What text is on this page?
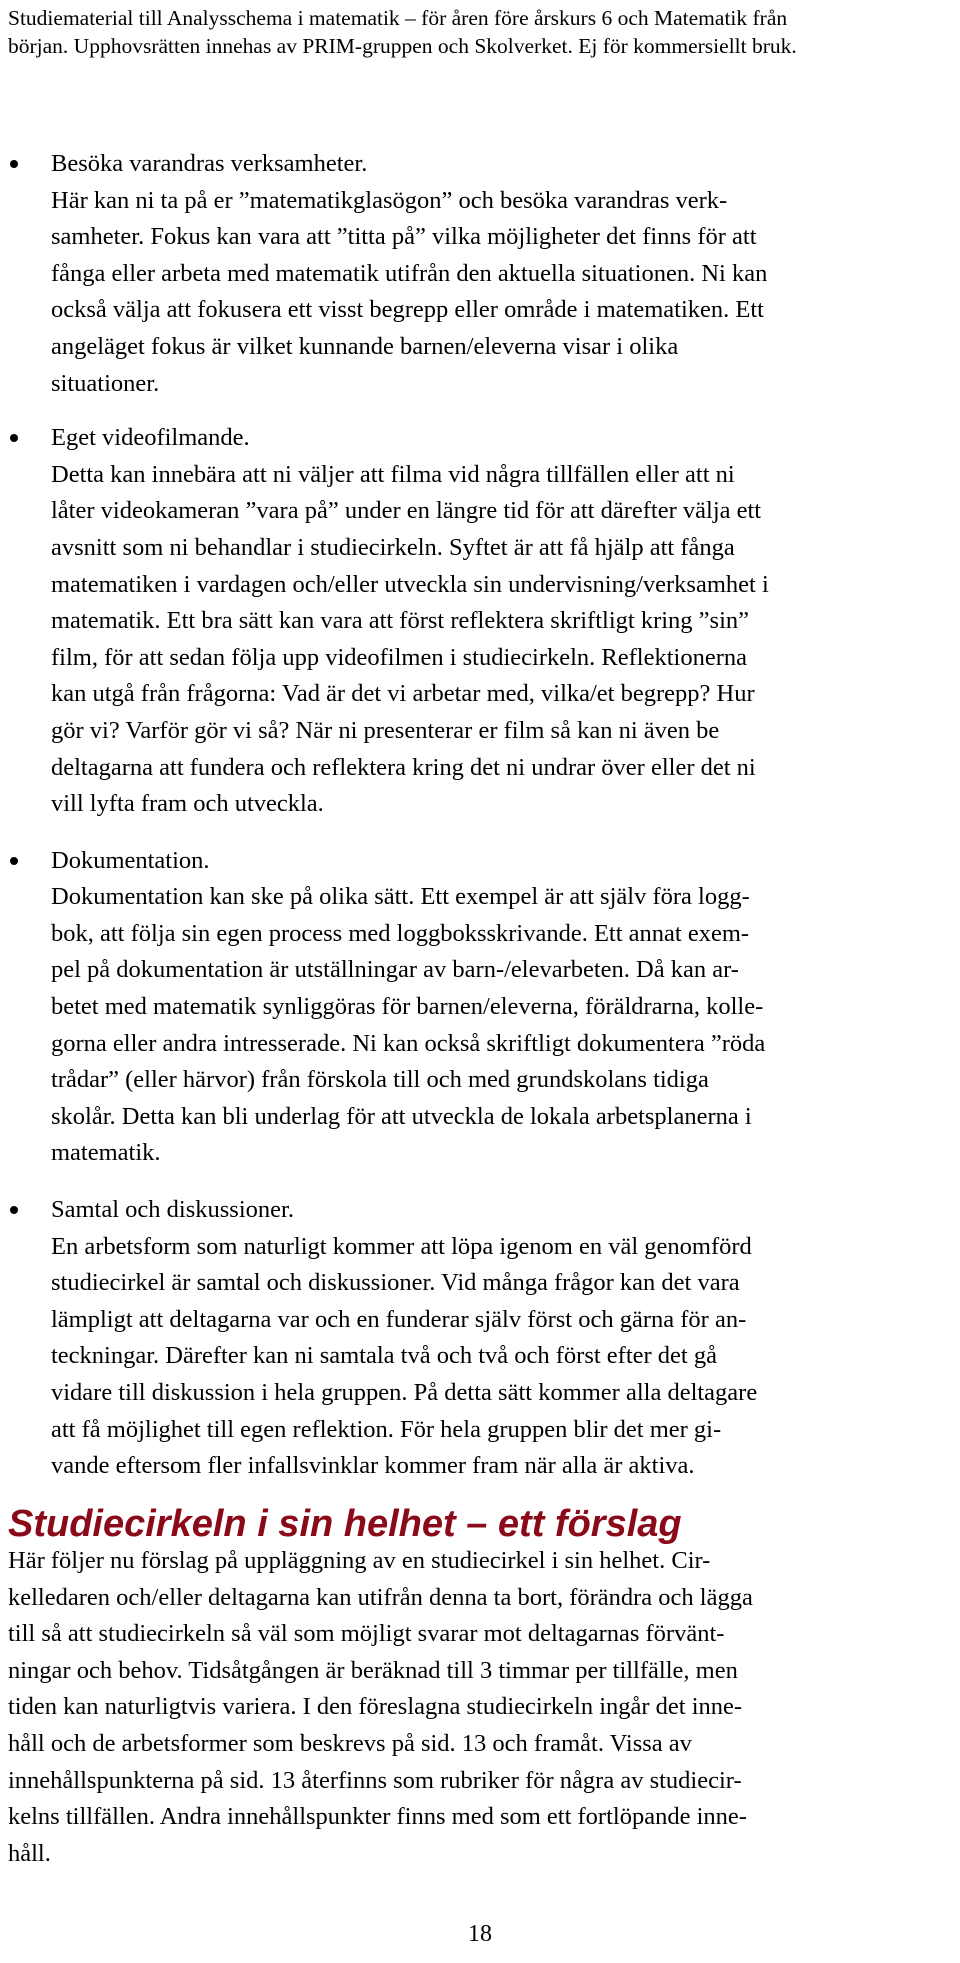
Studiematerial till Analysschema i matematik – för åren före årskurs 6 och Matematik från
början. Upphovsrätten innehas av PRIM-gruppen och Skolverket. Ej för kommersiellt bruk.
Besöka varandras verksamheter.
Här kan ni ta på er ”matematikglasögon” och besöka varandras verk-
samheter. Fokus kan vara att ”titta på” vilka möjligheter det finns för att
fånga eller arbeta med matematik utifrån den aktuella situationen. Ni kan
också välja att fokusera ett visst begrepp eller område i matematiken. Ett
angeläget fokus är vilket kunnande barnen/eleverna visar i olika
situationer.
Eget videofilmande.
Detta kan innebära att ni väljer att filma vid några tillfällen eller att ni
låter videokameran ”vara på” under en längre tid för att därefter välja ett
avsnitt som ni behandlar i studiecirkeln. Syftet är att få hjälp att fånga
matematiken i vardagen och/eller utveckla sin undervisning/verksamhet i
matematik. Ett bra sätt kan vara att först reflektera skriftligt kring ”sin”
film, för att sedan följa upp videofilmen i studiecirkeln. Reflektionerna
kan utgå från frågorna: Vad är det vi arbetar med, vilka/et begrepp? Hur
gör vi? Varför gör vi så? När ni presenterar er film så kan ni även be
deltagarna att fundera och reflektera kring det ni undrar över eller det ni
vill lyfta fram och utveckla.
Dokumentation.
Dokumentation kan ske på olika sätt. Ett exempel är att själv föra logg-
bok, att följa sin egen process med loggboksskrivande. Ett annat exem-
pel på dokumentation är utställningar av barn-/elevarbeten. Då kan ar-
betet med matematik synliggöras för barnen/eleverna, föräldrarna, kolle-
gorna eller andra intresserade. Ni kan också skriftligt dokumentera ”röda
trådar” (eller härvor) från förskola till och med grundskolans tidiga
skolår. Detta kan bli underlag för att utveckla de lokala arbetsplanerna i
matematik.
Samtal och diskussioner.
En arbetsform som naturligt kommer att löpa igenom en väl genomförd
studiecirkel är samtal och diskussioner. Vid många frågor kan det vara
lämpligt att deltagarna var och en funderar själv först och gärna för an-
teckningar. Därefter kan ni samtala två och två och först efter det gå
vidare till diskussion i hela gruppen. På detta sätt kommer alla deltagare
att få möjlighet till egen reflektion. För hela gruppen blir det mer gi-
vande eftersom fler infallsvinklar kommer fram när alla är aktiva.
Studiecirkeln i sin helhet – ett förslag
Här följer nu förslag på uppläggning av en studiecirkel i sin helhet. Cir-
kelledaren och/eller deltagarna kan utifrån denna ta bort, förändra och lägga
till så att studiecirkeln så väl som möjligt svarar mot deltagarnas förvänt-
ningar och behov. Tidsåtgången är beräknad till 3 timmar per tillfälle, men
tiden kan naturligtvis variera. I den föreslagna studiecirkeln ingår det inne-
håll och de arbetsformer som beskrevs på sid. 13 och framåt. Vissa av
innehållspunkterna på sid. 13 återfinns som rubriker för några av studiecir-
kelns tillfällen. Andra innehållspunkter finns med som ett fortlöpande inne-
håll.
18
